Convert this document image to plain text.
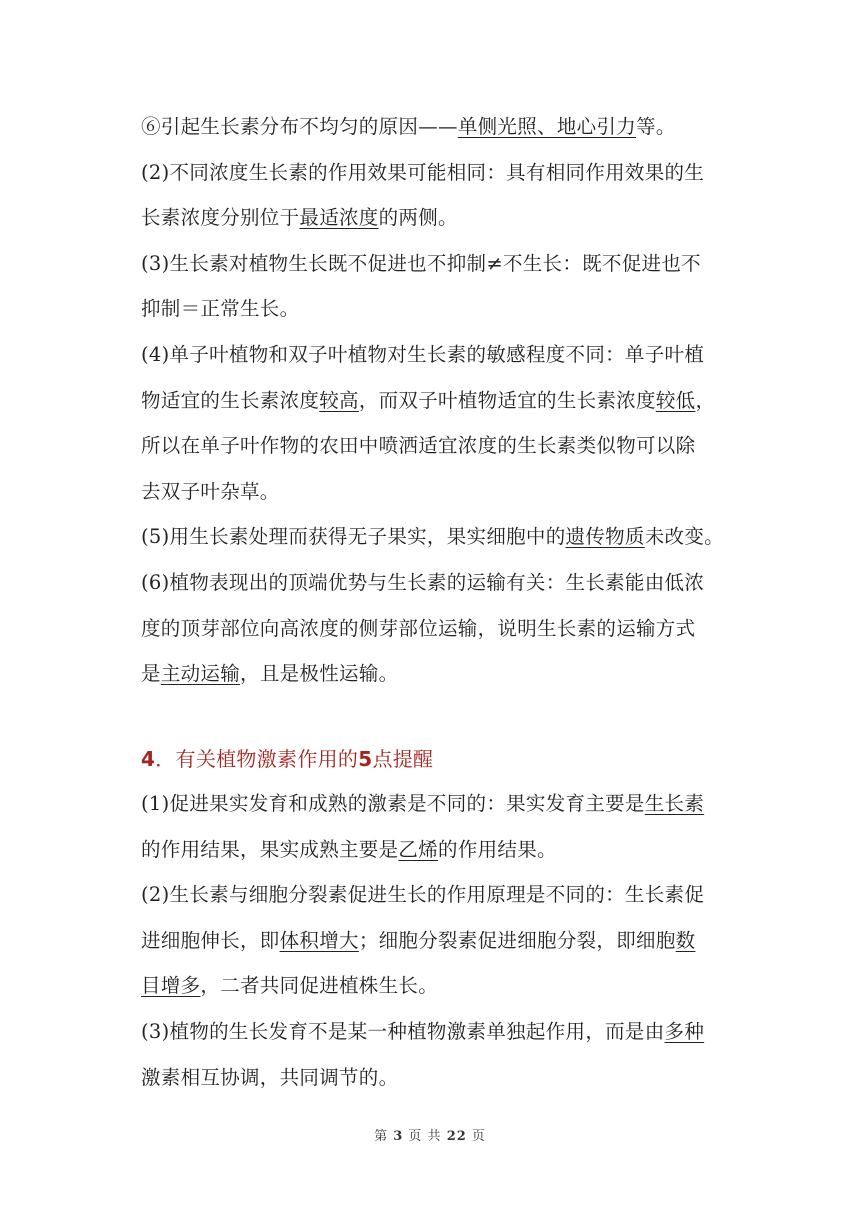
⑥引起生长素分布不均匀的原因——单侧光照、地心引力等。
(2)不同浓度生长素的作用效果可能相同：具有相同作用效果的生
长素浓度分别位于最适浓度的两侧。
(3)生长素对植物生长既不促进也不抑制≠不生长：既不促进也不
抑制＝正常生长。
(4)单子叶植物和双子叶植物对生长素的敏感程度不同：单子叶植
物适宜的生长素浓度较高，而双子叶植物适宜的生长素浓度较低，
所以在单子叶作物的农田中喷洒适宜浓度的生长素类似物可以除
去双子叶杂草。
(5)用生长素处理而获得无子果实，果实细胞中的遗传物质未改变。
(6)植物表现出的顶端优势与生长素的运输有关：生长素能由低浓
度的顶芽部位向高浓度的侧芽部位运输，说明生长素的运输方式
是主动运输，且是极性运输。
4．有关植物激素作用的5点提醒
(1)促进果实发育和成熟的激素是不同的：果实发育主要是生长素
的作用结果，果实成熟主要是乙烯的作用结果。
(2)生长素与细胞分裂素促进生长的作用原理是不同的：生长素促
进细胞伸长，即体积增大；细胞分裂素促进细胞分裂，即细胞数
目增多，二者共同促进植株生长。
(3)植物的生长发育不是某一种植物激素单独起作用，而是由多种
激素相互协调，共同调节的。
第 3 页 共 22 页
